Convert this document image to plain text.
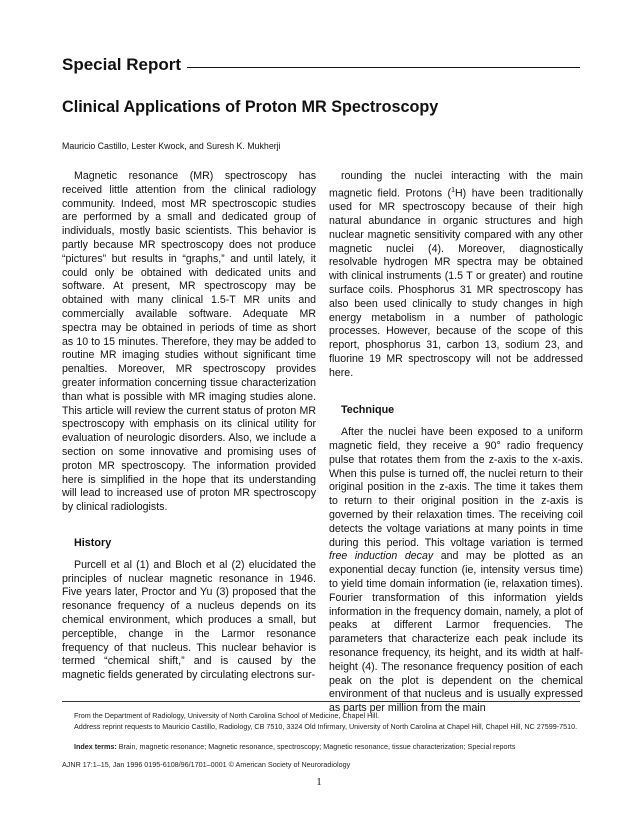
Special Report
Clinical Applications of Proton MR Spectroscopy
Mauricio Castillo, Lester Kwock, and Suresh K. Mukherji

Magnetic resonance (MR) spectroscopy has received little attention from the clinical radiology community. Indeed, most MR spectroscopic studies are performed by a small and dedicated group of individuals, mostly basic scientists. This behavior is partly because MR spectroscopy does not produce “pictures” but results in “graphs,” and until lately, it could only be obtained with dedicated units and software. At present, MR spectroscopy may be obtained with many clinical 1.5-T MR units and commercially available software. Adequate MR spectra may be obtained in periods of time as short as 10 to 15 minutes. Therefore, they may be added to routine MR imaging studies without significant time penalties. Moreover, MR spectroscopy provides greater information concerning tissue characterization than what is possible with MR imaging studies alone. This article will review the current status of proton MR spectroscopy with emphasis on its clinical utility for evaluation of neurologic disorders. Also, we include a section on some innovative and promising uses of proton MR spectroscopy. The information provided here is simplified in the hope that its understanding will lead to increased use of proton MR spectroscopy by clinical radiologists.

History

Purcell et al (1) and Bloch et al (2) elucidated the principles of nuclear magnetic resonance in 1946. Five years later, Proctor and Yu (3) proposed that the resonance frequency of a nucleus depends on its chemical environment, which produces a small, but perceptible, change in the Larmor resonance frequency of that nucleus. This nuclear behavior is termed “chemical shift,” and is caused by the magnetic fields generated by circulating electrons sur-

rounding the nuclei interacting with the main magnetic field. Protons ($^1$H) have been traditionally used for MR spectroscopy because of their high natural abundance in organic structures and high nuclear magnetic sensitivity compared with any other magnetic nuclei (4). Moreover, diagnostically resolvable hydrogen MR spectra may be obtained with clinical instruments (1.5 T or greater) and routine surface coils. Phosphorus 31 MR spectroscopy has also been used clinically to study changes in high energy metabolism in a number of pathologic processes. However, because of the scope of this report, phosphorus 31, carbon 13, sodium 23, and fluorine 19 MR spectroscopy will not be addressed here.

Technique

After the nuclei have been exposed to a uniform magnetic field, they receive a 90° radio frequency pulse that rotates them from the z-axis to the x-axis. When this pulse is turned off, the nuclei return to their original position in the z-axis. The time it takes them to return to their original position in the z-axis is governed by their relaxation times. The receiving coil detects the voltage variations at many points in time during this period. This voltage variation is termed free induction decay and may be plotted as an exponential decay function (ie, intensity versus time) to yield time domain information (ie, relaxation times). Fourier transformation of this information yields information in the frequency domain, namely, a plot of peaks at different Larmor frequencies. The parameters that characterize each peak include its resonance frequency, its height, and its width at half-height (4). The resonance frequency position of each peak on the plot is dependent on the chemical environment of that nucleus and is usually expressed as parts per million from the main

From the Department of Radiology, University of North Carolina School of Medicine, Chapel Hill.
Address reprint requests to Mauricio Castillo, Radiology, CB 7510, 3324 Old Infirmary, University of North Carolina at Chapel Hill, Chapel Hill, NC 27599-7510.
Index terms: Brain, magnetic resonance; Magnetic resonance, spectroscopy; Magnetic resonance, tissue characterization; Special reports
AJNR 17:1–15, Jan 1996 0195-6108/96/1701–0001 © American Society of Neuroradiology
1
